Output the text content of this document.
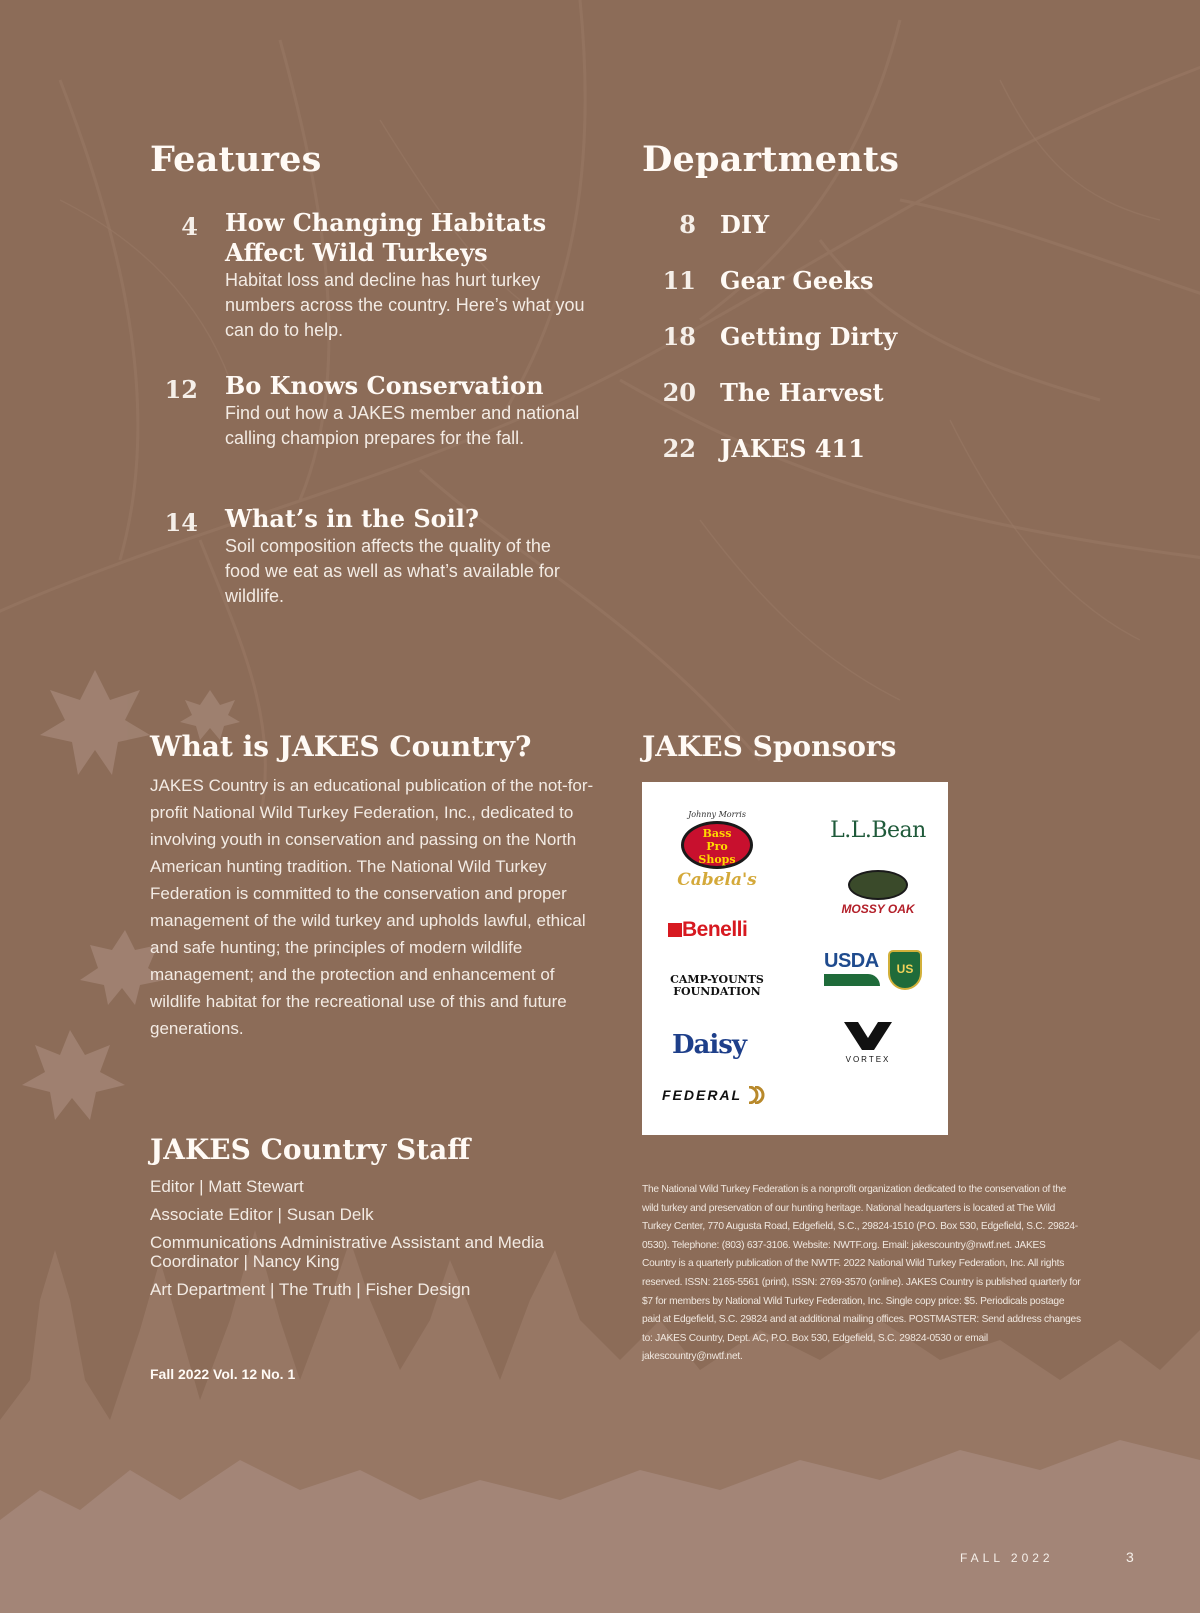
Features
4 How Changing Habitats Affect Wild Turkeys
Habitat loss and decline has hurt turkey numbers across the country. Here’s what you can do to help.
12 Bo Knows Conservation
Find out how a JAKES member and national calling champion prepares for the fall.
14 What’s in the Soil?
Soil composition affects the quality of the food we eat as well as what’s available for wildlife.
Departments
8 DIY
11 Gear Geeks
18 Getting Dirty
20 The Harvest
22 JAKES 411
What is JAKES Country?
JAKES Country is an educational publication of the not-for-profit National Wild Turkey Federation, Inc., dedicated to involving youth in conservation and passing on the North American hunting tradition. The National Wild Turkey Federation is committed to the conservation and proper management of the wild turkey and upholds lawful, ethical and safe hunting; the principles of modern wildlife management; and the protection and enhancement of wildlife habitat for the recreational use of this and future generations.
JAKES Country Staff
Editor | Matt Stewart
Associate Editor | Susan Delk
Communications Administrative Assistant and Media Coordinator | Nancy King
Art Department | The Truth | Fisher Design
Fall 2022 Vol. 12 No. 1
JAKES Sponsors
Johnny Morris
Bass
Pro
Shops
Cabela's
L.L.Bean
MOSSY OAK
Benelli
CAMP-YOUNTS
FOUNDATION
USDA	US
Daisy	VORTEX
FEDERAL
The National Wild Turkey Federation is a nonprofit organization dedicated to the conservation of the wild turkey and preservation of our hunting heritage. National headquarters is located at The Wild Turkey Center, 770 Augusta Road, Edgefield, S.C., 29824-1510 (P.O. Box 530, Edgefield, S.C. 29824-0530). Telephone: (803) 637-3106. Website: NWTF.org. Email: jakescountry@nwtf.net. JAKES Country is a quarterly publication of the NWTF. 2022 National Wild Turkey Federation, Inc. All rights reserved. ISSN: 2165-5561 (print), ISSN: 2769-3570 (online). JAKES Country is published quarterly for $7 for members by National Wild Turkey Federation, Inc. Single copy price: $5. Periodicals postage paid at Edgefield, S.C. 29824 and at additional mailing offices. POSTMASTER: Send address changes to: JAKES Country, Dept. AC, P.O. Box 530, Edgefield, S.C. 29824-0530 or email jakescountry@nwtf.net.
FALL 2022	3
